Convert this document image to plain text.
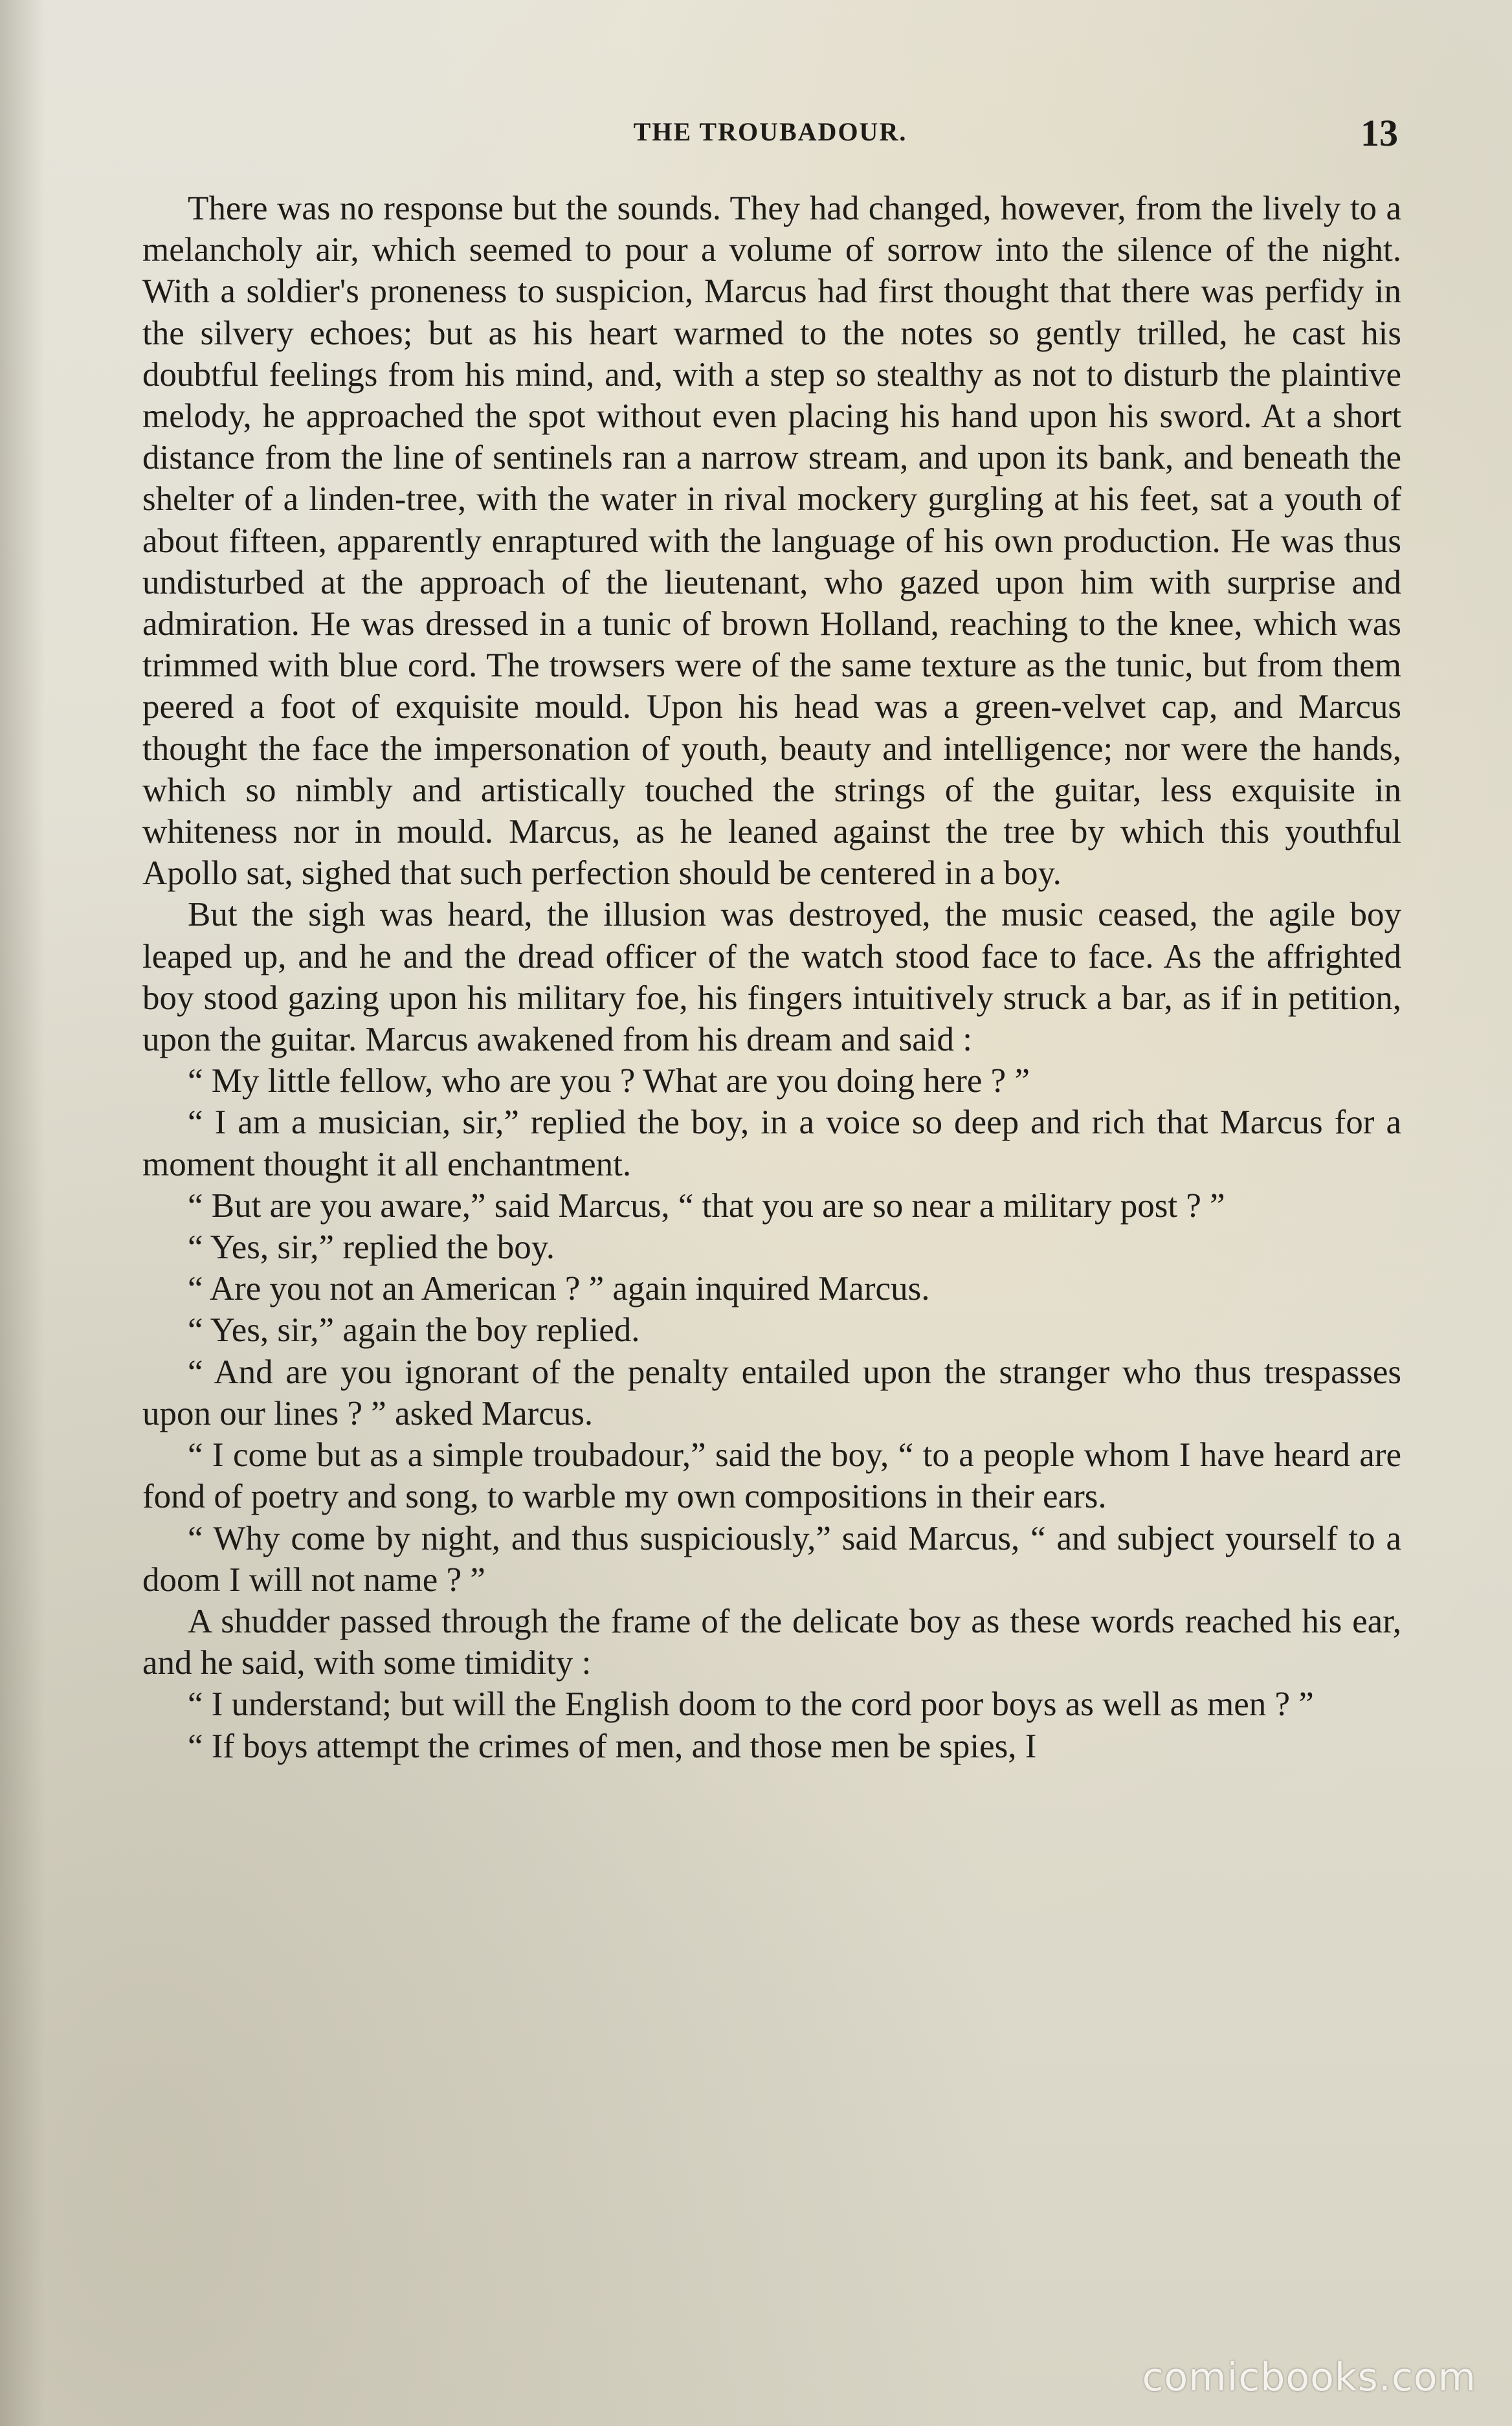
THE TROUBADOUR.	13

There was no response but the sounds. They had changed, however, from the lively to a melancholy air, which seemed to pour a volume of sorrow into the silence of the night. With a soldier's proneness to suspicion, Marcus had first thought that there was perfidy in the silvery echoes; but as his heart warmed to the notes so gently trilled, he cast his doubtful feelings from his mind, and, with a step so stealthy as not to disturb the plaintive melody, he approached the spot without even placing his hand upon his sword. At a short distance from the line of sentinels ran a narrow stream, and upon its bank, and beneath the shelter of a linden-tree, with the water in rival mockery gurgling at his feet, sat a youth of about fifteen, apparently enraptured with the language of his own production. He was thus undisturbed at the approach of the lieutenant, who gazed upon him with surprise and admiration. He was dressed in a tunic of brown Holland, reaching to the knee, which was trimmed with blue cord. The trowsers were of the same texture as the tunic, but from them peered a foot of exquisite mould. Upon his head was a green-velvet cap, and Marcus thought the face the impersonation of youth, beauty and intelligence; nor were the hands, which so nimbly and artistically touched the strings of the guitar, less exquisite in whiteness nor in mould. Marcus, as he leaned against the tree by which this youthful Apollo sat, sighed that such perfection should be centered in a boy.

But the sigh was heard, the illusion was destroyed, the music ceased, the agile boy leaped up, and he and the dread officer of the watch stood face to face. As the affrighted boy stood gazing upon his military foe, his fingers intuitively struck a bar, as if in petition, upon the guitar. Marcus awakened from his dream and said :

“ My little fellow, who are you ? What are you doing here ? ”

“ I am a musician, sir,” replied the boy, in a voice so deep and rich that Marcus for a moment thought it all enchantment.

“ But are you aware,” said Marcus, “ that you are so near a military post ? ”

“ Yes, sir,” replied the boy.

“ Are you not an American ? ” again inquired Marcus.

“ Yes, sir,” again the boy replied.

“ And are you ignorant of the penalty entailed upon the stranger who thus trespasses upon our lines ? ” asked Marcus.

“ I come but as a simple troubadour,” said the boy, “ to a people whom I have heard are fond of poetry and song, to warble my own compositions in their ears.

“ Why come by night, and thus suspiciously,” said Marcus, “ and subject yourself to a doom I will not name ? ”

A shudder passed through the frame of the delicate boy as these words reached his ear, and he said, with some timidity :

“ I understand; but will the English doom to the cord poor boys as well as men ? ”

“ If boys attempt the crimes of men, and those men be spies, I

comicbooks.com
